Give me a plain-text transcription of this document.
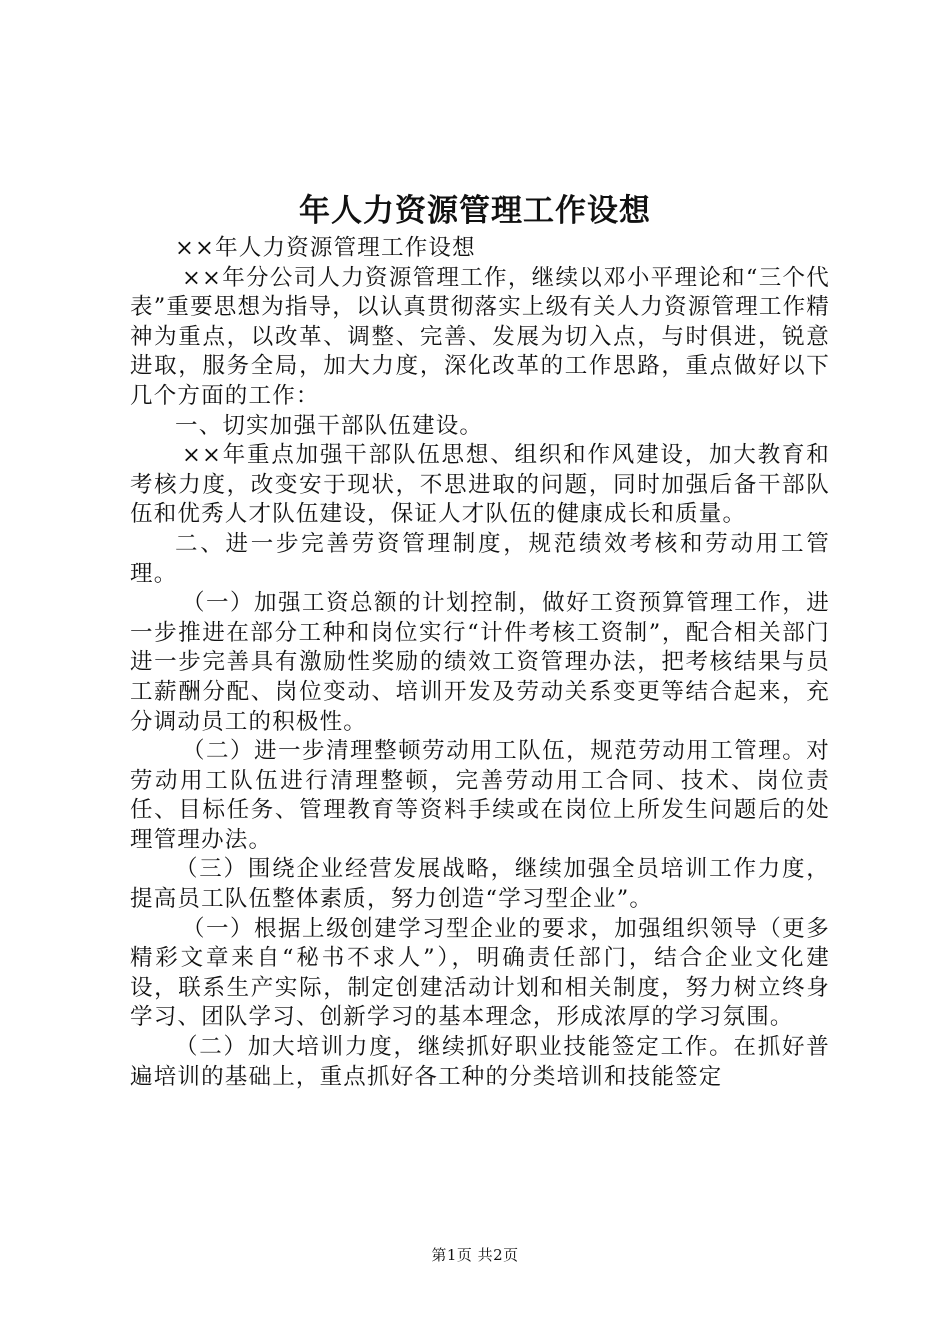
年人力资源管理工作设想

××年人力资源管理工作设想

××年分公司人力资源管理工作，继续以邓小平理论和“三个代表”重要思想为指导，以认真贯彻落实上级有关人力资源管理工作精神为重点，以改革、调整、完善、发展为切入点，与时俱进，锐意进取，服务全局，加大力度，深化改革的工作思路，重点做好以下几个方面的工作：

一、切实加强干部队伍建设。

××年重点加强干部队伍思想、组织和作风建设，加大教育和考核力度，改变安于现状，不思进取的问题，同时加强后备干部队伍和优秀人才队伍建设，保证人才队伍的健康成长和质量。

二、进一步完善劳资管理制度，规范绩效考核和劳动用工管理。

（一）加强工资总额的计划控制，做好工资预算管理工作，进一步推进在部分工种和岗位实行“计件考核工资制”，配合相关部门进一步完善具有激励性奖励的绩效工资管理办法，把考核结果与员工薪酬分配、岗位变动、培训开发及劳动关系变更等结合起来，充分调动员工的积极性。

（二）进一步清理整顿劳动用工队伍，规范劳动用工管理。对劳动用工队伍进行清理整顿，完善劳动用工合同、技术、岗位责任、目标任务、管理教育等资料手续或在岗位上所发生问题后的处理管理办法。

（三）围绕企业经营发展战略，继续加强全员培训工作力度，提高员工队伍整体素质，努力创造“学习型企业”。

（一）根据上级创建学习型企业的要求，加强组织领导（更多精彩文章来自“秘书不求人”），明确责任部门，结合企业文化建设，联系生产实际，制定创建活动计划和相关制度，努力树立终身学习、团队学习、创新学习的基本理念，形成浓厚的学习氛围。

（二）加大培训力度，继续抓好职业技能签定工作。在抓好普遍培训的基础上，重点抓好各工种的分类培训和技能签定

第1页 共2页
